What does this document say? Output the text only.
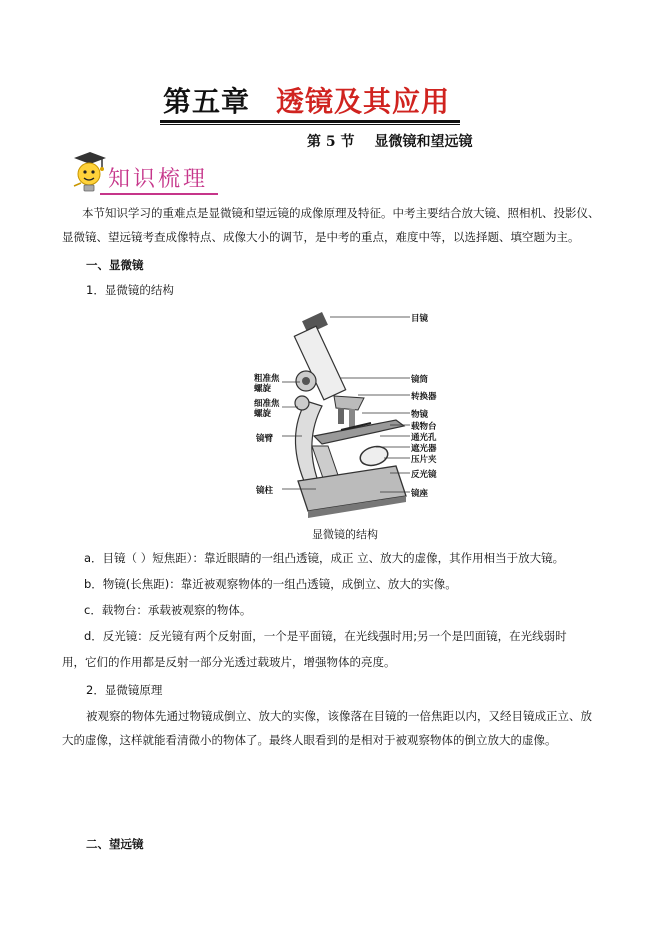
第五章 透镜及其应用
第 5 节 显微镜和望远镜
知识梳理
本节知识学习的重难点是显微镜和望远镜的成像原理及特征。中考主要结合放大镜、照相机、投影仪、
显微镜、望远镜考查成像特点、成像大小的调节，是中考的重点，难度中等，以选择题、填空题为主。
一、显微镜
1．显微镜的结构
粗准焦
螺旋
细准焦
螺旋
镜臂
镜柱
目镜
镜筒
转换器
物镜
载物台
通光孔
遮光器
压片夹
反光镜
镜座
显微镜的结构
a．目镜（ ）短焦距）：靠近眼睛的一组凸透镜，成正 立、放大的虚像，其作用相当于放大镜。
b．物镜(长焦距)：靠近被观察物体的一组凸透镜，成倒立、放大的实像。
c．载物台：承载被观察的物体。
d．反光镜：反光镜有两个反射面，一个是平面镜，在光线强时用;另一个是凹面镜，在光线弱时
用，它们的作用都是反射一部分光透过载玻片，增强物体的亮度。
2．显微镜原理
被观察的物体先通过物镜成倒立、放大的实像，该像落在目镜的一倍焦距以内，又经目镜成正立、放
大的虚像，这样就能看清微小的物体了。最终人眼看到的是相对于被观察物体的倒立放大的虚像。
二、望远镜
